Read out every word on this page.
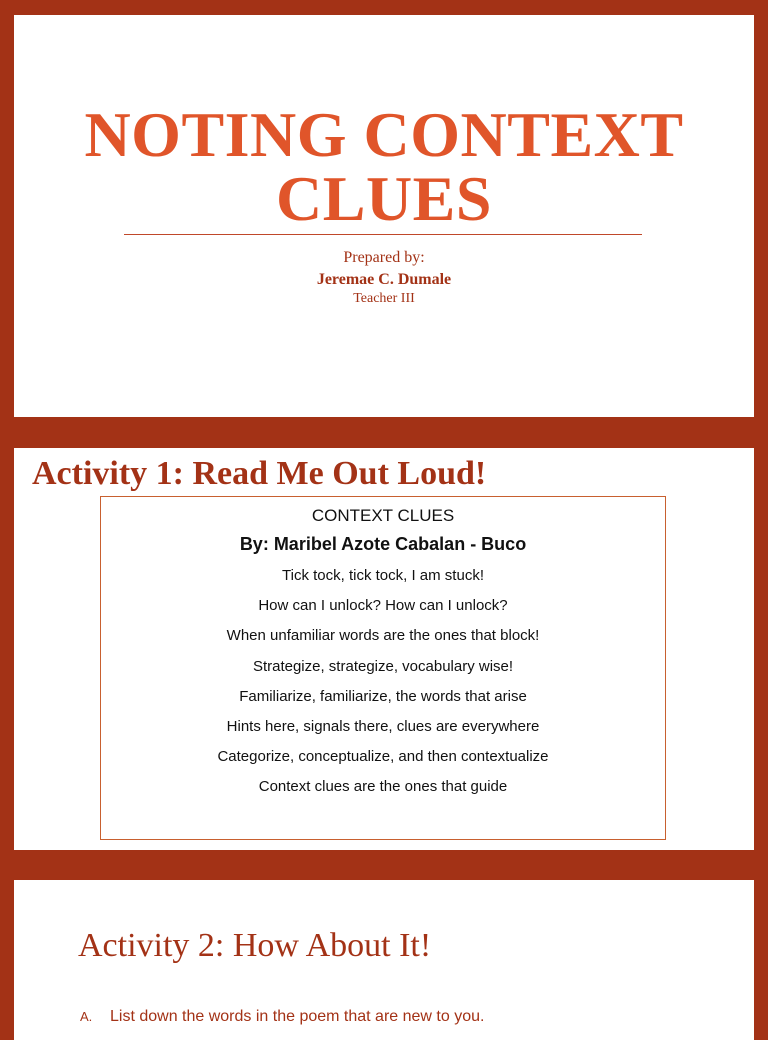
NOTING CONTEXT
CLUES
Prepared by:
Jeremae C. Dumale
Teacher III
Activity 1: Read Me Out Loud!
CONTEXT CLUES
By: Maribel Azote Cabalan - Buco
Tick tock, tick tock, I am stuck!
How can I unlock? How can I unlock?
When unfamiliar words are the ones that block!
Strategize, strategize, vocabulary wise!
Familiarize, familiarize, the words that arise
Hints here, signals there, clues are everywhere
Categorize, conceptualize, and then contextualize
Context clues are the ones that guide
Activity 2: How About It!
A. List down the words in the poem that are new to you.
